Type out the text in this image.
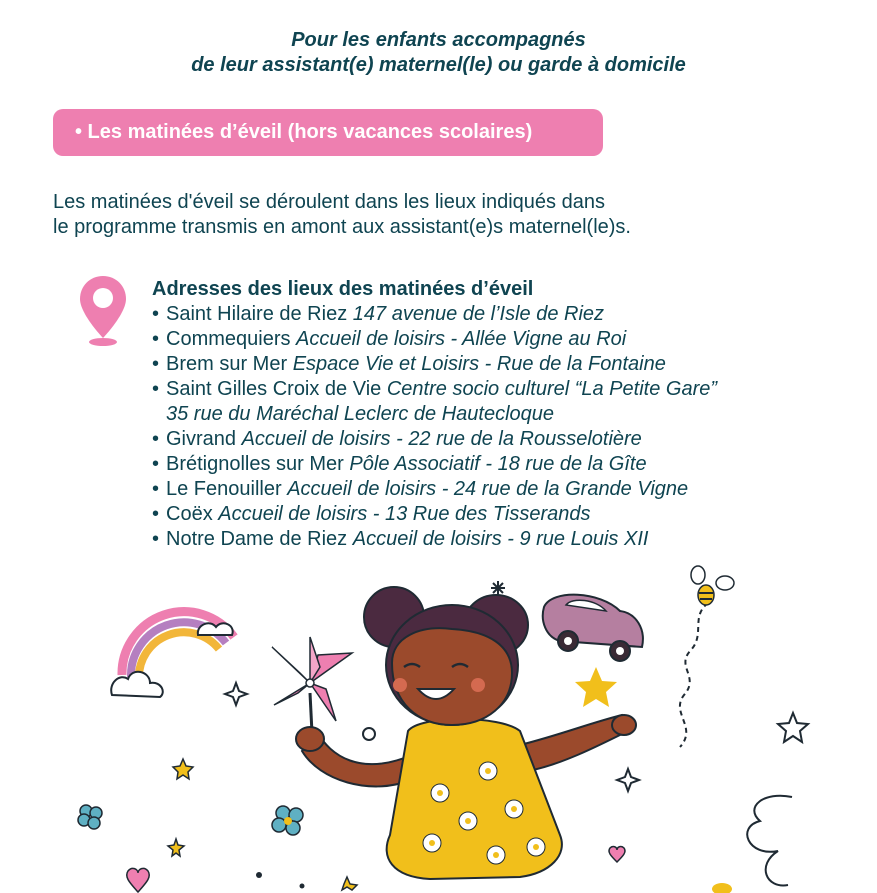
Pour les enfants accompagnés
de leur assistant(e) maternel(le) ou garde à domicile
• Les matinées d’éveil (hors vacances scolaires)
Les matinées d'éveil se déroulent dans les lieux indiqués dans
le programme transmis en amont aux assistant(e)s maternel(le)s.
Adresses des lieux des matinées d’éveil
• Saint Hilaire de Riez 147 avenue de l’Isle de Riez
• Commequiers Accueil de loisirs - Allée Vigne au Roi
• Brem sur Mer Espace Vie et Loisirs - Rue de la Fontaine
• Saint Gilles Croix de Vie Centre socio culturel “La Petite Gare”
35 rue du Maréchal Leclerc de Hautecloque
• Givrand Accueil de loisirs - 22 rue de la Rousselotière
• Brétignolles sur Mer Pôle Associatif - 18 rue de la Gîte
• Le Fenouiller Accueil de loisirs - 24 rue de la Grande Vigne
• Coëx Accueil de loisirs - 13 Rue des Tisserands
• Notre Dame de Riez Accueil de loisirs - 9 rue Louis XII
